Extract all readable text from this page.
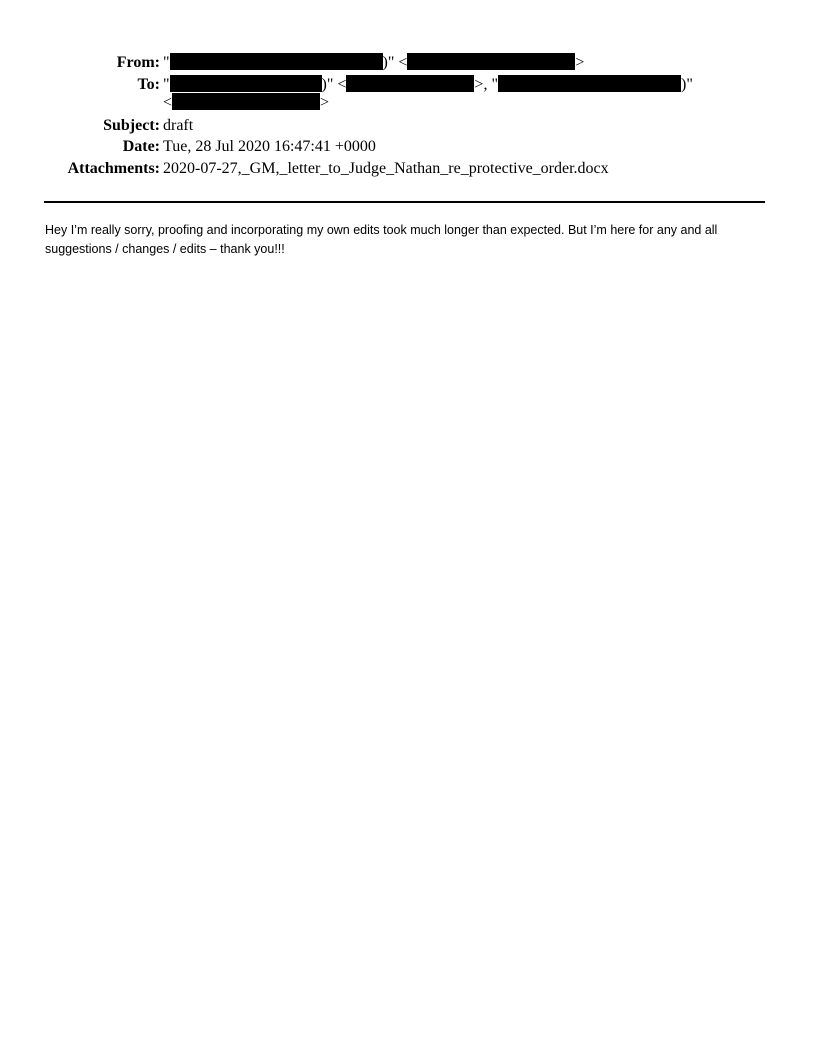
From: "	)" <	>
To: "	)" <	>, "	)"
<	>
Subject: draft
Date: Tue, 28 Jul 2020 16:47:41 +0000
Attachments: 2020-07-27,_GM,_letter_to_Judge_Nathan_re_protective_order.docx
Hey I’m really sorry, proofing and incorporating my own edits took much longer than expected. But I’m here for any and all suggestions / changes / edits – thank you!!!
